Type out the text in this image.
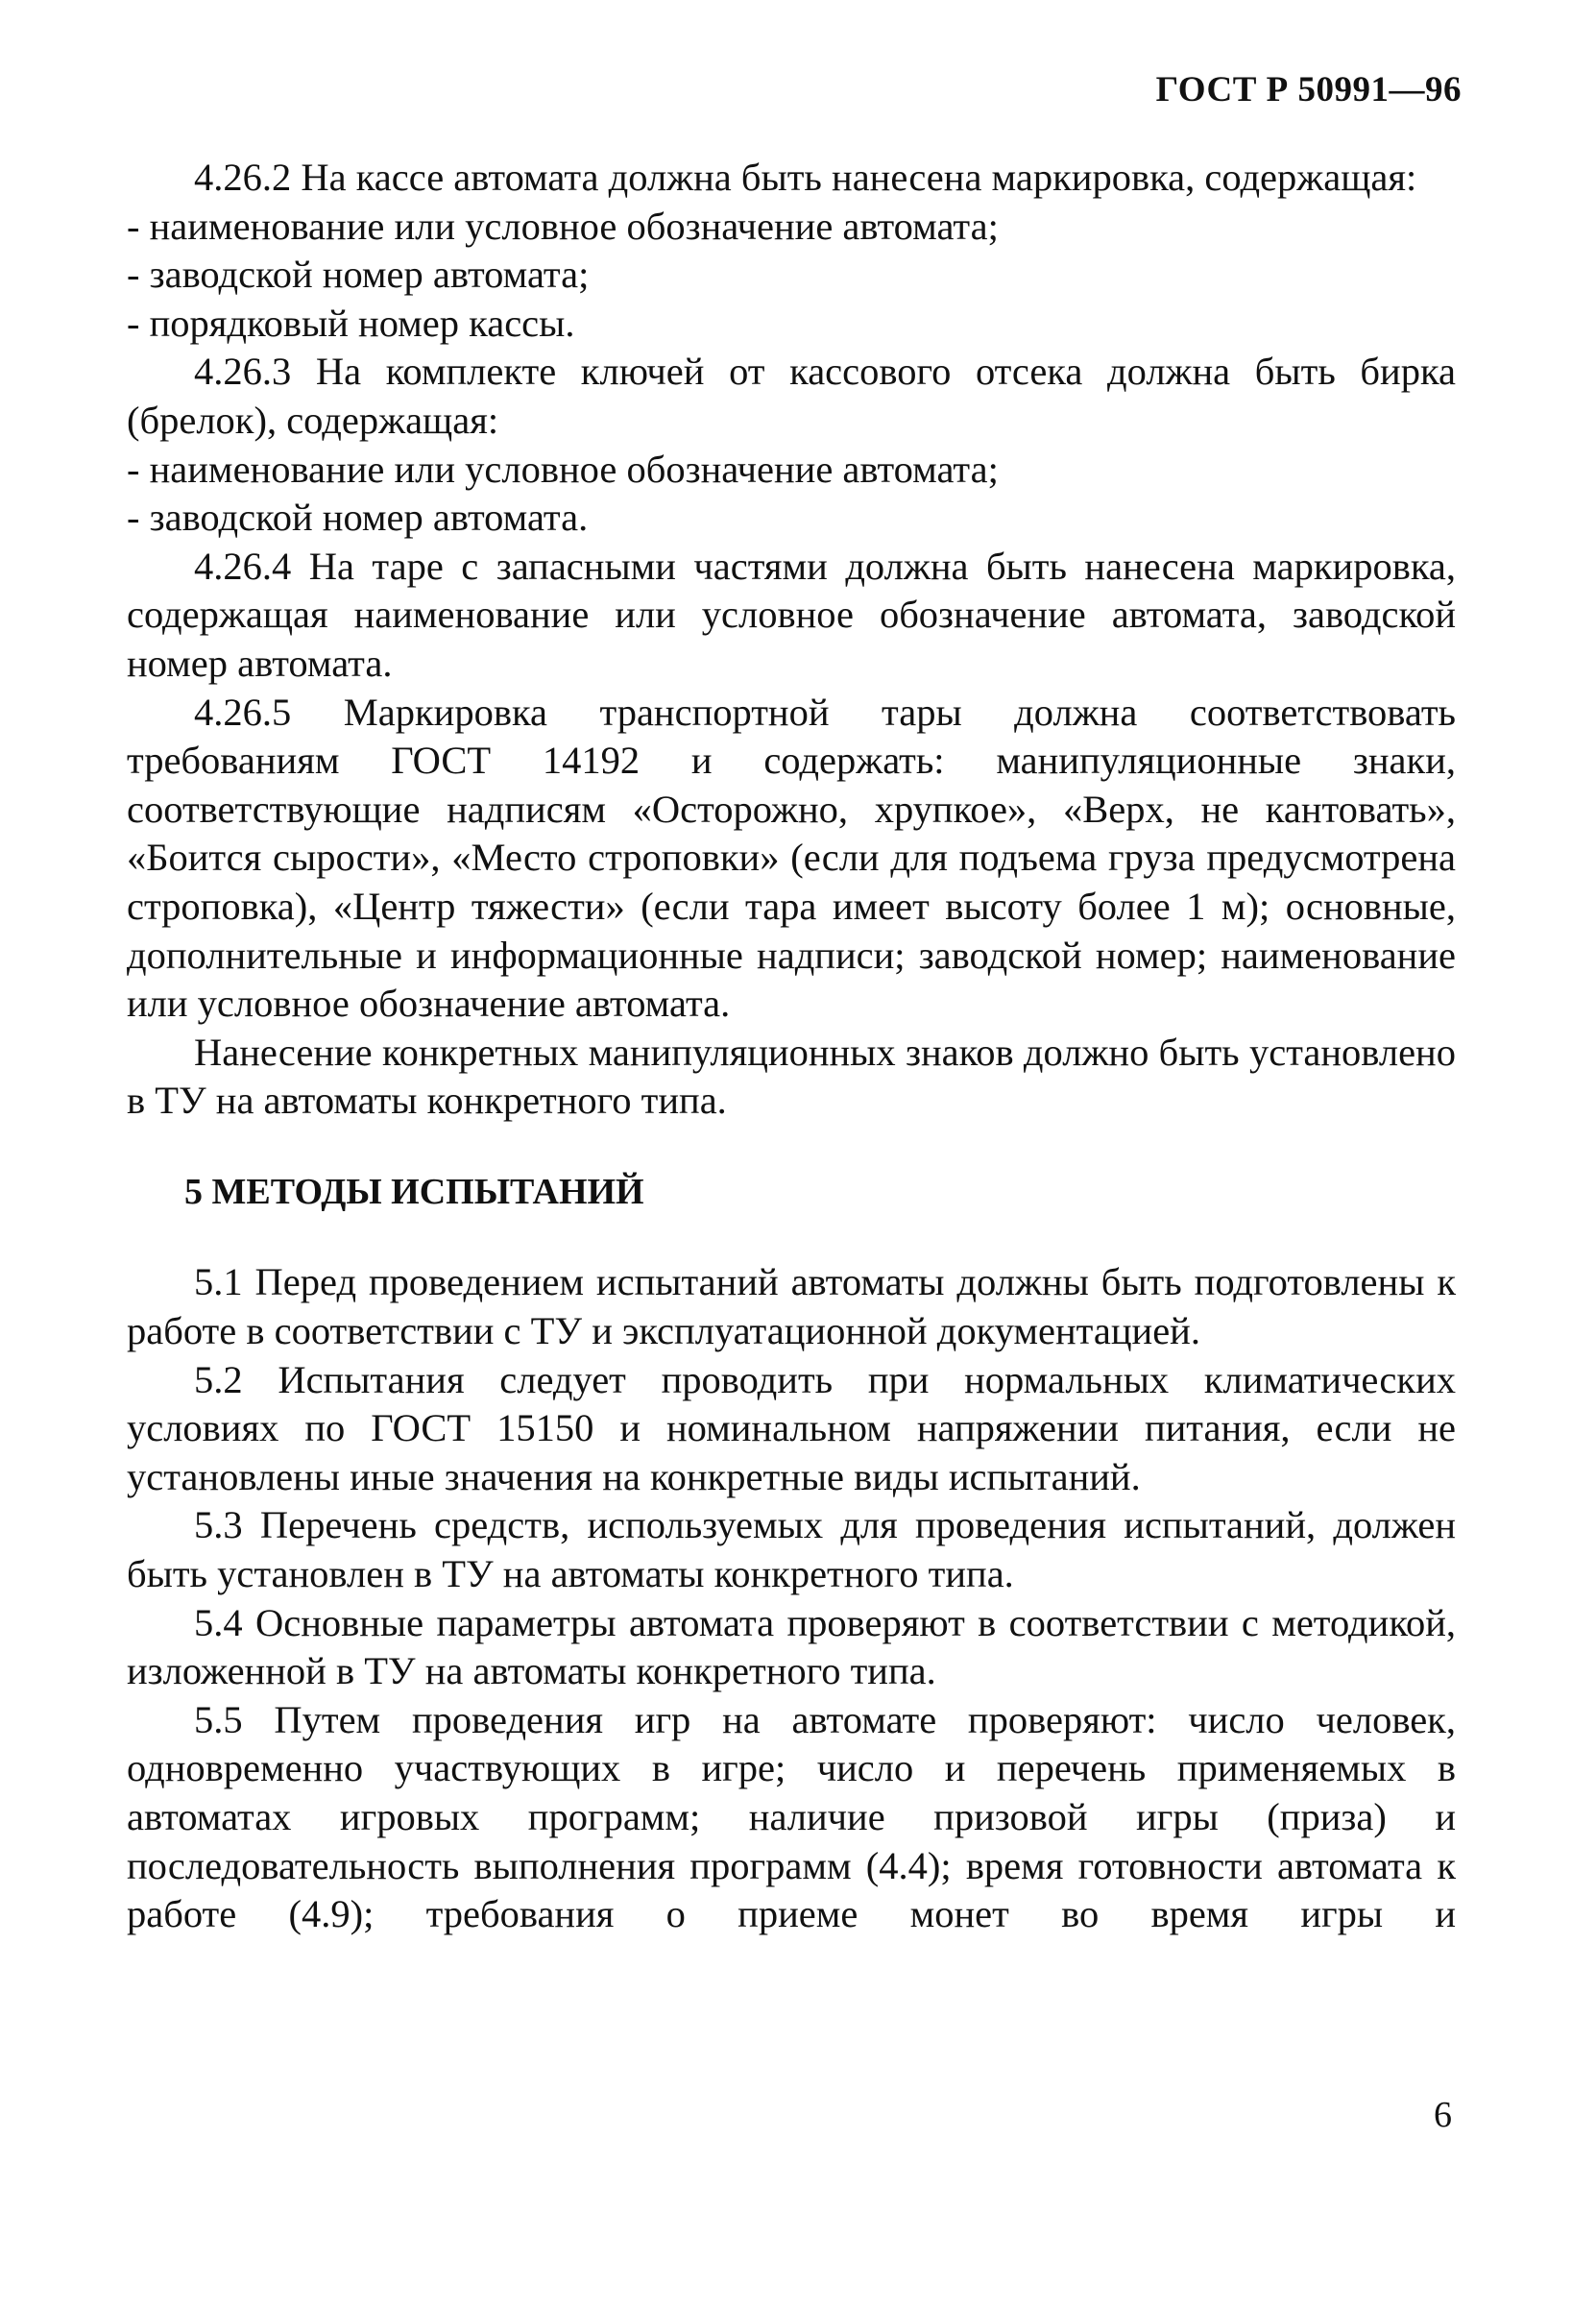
ГОСТ Р 50991—96

4.26.2 На кассе автомата должна быть нанесена маркировка, содержащая:

- наименование или условное обозначение автомата;

- заводской номер автомата;

- порядковый номер кассы.

4.26.3 На комплекте ключей от кассового отсека должна быть бирка (брелок), содержащая:

- наименование или условное обозначение автомата;

- заводской номер автомата.

4.26.4 На таре с запасными частями должна быть нанесена маркировка, содержащая наименование или условное обозначение автомата, заводской номер автомата.

4.26.5 Маркировка транспортной тары должна соответствовать требованиям ГОСТ 14192 и содержать: манипуляционные знаки, соответствующие надписям «Осторожно, хрупкое», «Верх, не кантовать», «Боится сырости», «Место строповки» (если для подъема груза предусмотрена строповка), «Центр тяжести» (если тара имеет высоту более 1 м); основные, дополнительные и информационные надписи; заводской номер; наименование или условное обозначение автомата.

Нанесение конкретных манипуляционных знаков должно быть установлено в ТУ на автоматы конкретного типа.

5 МЕТОДЫ ИСПЫТАНИЙ

5.1 Перед проведением испытаний автоматы должны быть подготовлены к работе в соответствии с ТУ и эксплуатационной документацией.

5.2 Испытания следует проводить при нормальных климатических условиях по ГОСТ 15150 и номинальном напряжении питания, если не установлены иные значения на конкретные виды испытаний.

5.3 Перечень средств, используемых для проведения испытаний, должен быть установлен в ТУ на автоматы конкретного типа.

5.4 Основные параметры автомата проверяют в соответствии с методикой, изложенной в ТУ на автоматы конкретного типа.

5.5 Путем проведения игр на автомате проверяют: число человек, одновременно участвующих в игре; число и перечень применяемых в автоматах игровых программ; наличие призовой игры (приза) и последовательность выполнения программ (4.4); время готовности автомата к работе (4.9); требования о приеме монет во время игры и

6
